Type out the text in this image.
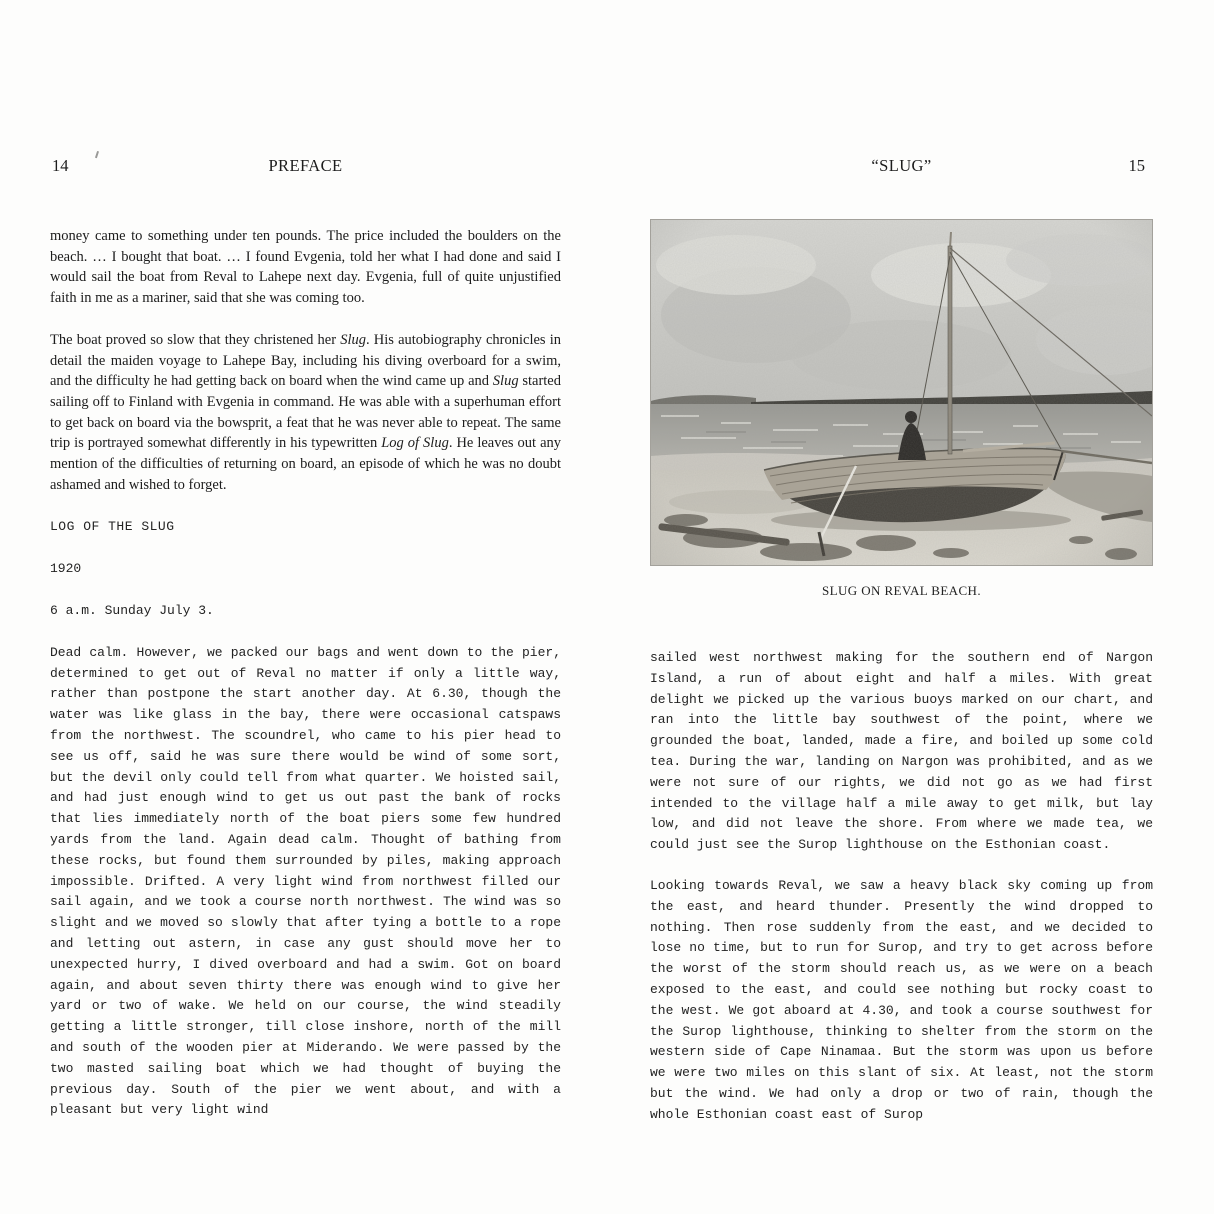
14	PREFACE

money came to something under ten pounds. The price included the boulders on the beach. … I bought that boat. … I found Evgenia, told her what I had done and said I would sail the boat from Reval to Lahepe next day. Evgenia, full of quite unjustified faith in me as a mariner, said that she was coming too.

The boat proved so slow that they christened her Slug. His autobiography chronicles in detail the maiden voyage to Lahepe Bay, including his diving overboard for a swim, and the difficulty he had getting back on board when the wind came up and Slug started sailing off to Finland with Evgenia in command. He was able with a superhuman effort to get back on board via the bowsprit, a feat that he was never able to repeat. The same trip is portrayed somewhat differently in his typewritten Log of Slug. He leaves out any mention of the difficulties of returning on board, an episode of which he was no doubt ashamed and wished to forget.

LOG OF THE SLUG

1920

6 a.m. Sunday July 3.

Dead calm. However, we packed our bags and went down to the pier, determined to get out of Reval no matter if only a little way, rather than postpone the start another day. At 6.30, though the water was like glass in the bay, there were occasional catspaws from the northwest. The scoundrel, who came to his pier head to see us off, said he was sure there would be wind of some sort, but the devil only could tell from what quarter. We hoisted sail, and had just enough wind to get us out past the bank of rocks that lies immediately north of the boat piers some few hundred yards from the land. Again dead calm. Thought of bathing from these rocks, but found them surrounded by piles, making approach impossible. Drifted. A very light wind from northwest filled our sail again, and we took a course north northwest. The wind was so slight and we moved so slowly that after tying a bottle to a rope and letting out astern, in case any gust should move her to unexpected hurry, I dived overboard and had a swim. Got on board again, and about seven thirty there was enough wind to give her yard or two of wake. We held on our course, the wind steadily getting a little stronger, till close inshore, north of the mill and south of the wooden pier at Miderando. We were passed by the two masted sailing boat which we had thought of buying the previous day. South of the pier we went about, and with a pleasant but very light wind

“SLUG”	15
SLUG ON REVAL BEACH.

sailed west northwest making for the southern end of Nargon Island, a run of about eight and half a miles. With great delight we picked up the various buoys marked on our chart, and ran into the little bay southwest of the point, where we grounded the boat, landed, made a fire, and boiled up some cold tea. During the war, landing on Nargon was prohibited, and as we were not sure of our rights, we did not go as we had first intended to the village half a mile away to get milk, but lay low, and did not leave the shore. From where we made tea, we could just see the Surop lighthouse on the Esthonian coast.

Looking towards Reval, we saw a heavy black sky coming up from the east, and heard thunder. Presently the wind dropped to nothing. Then rose suddenly from the east, and we decided to lose no time, but to run for Surop, and try to get across before the worst of the storm should reach us, as we were on a beach exposed to the east, and could see nothing but rocky coast to the west. We got aboard at 4.30, and took a course southwest for the Surop lighthouse, thinking to shelter from the storm on the western side of Cape Ninamaa. But the storm was upon us before we were two miles on this slant of six. At least, not the storm but the wind. We had only a drop or two of rain, though the whole Esthonian coast east of Surop
